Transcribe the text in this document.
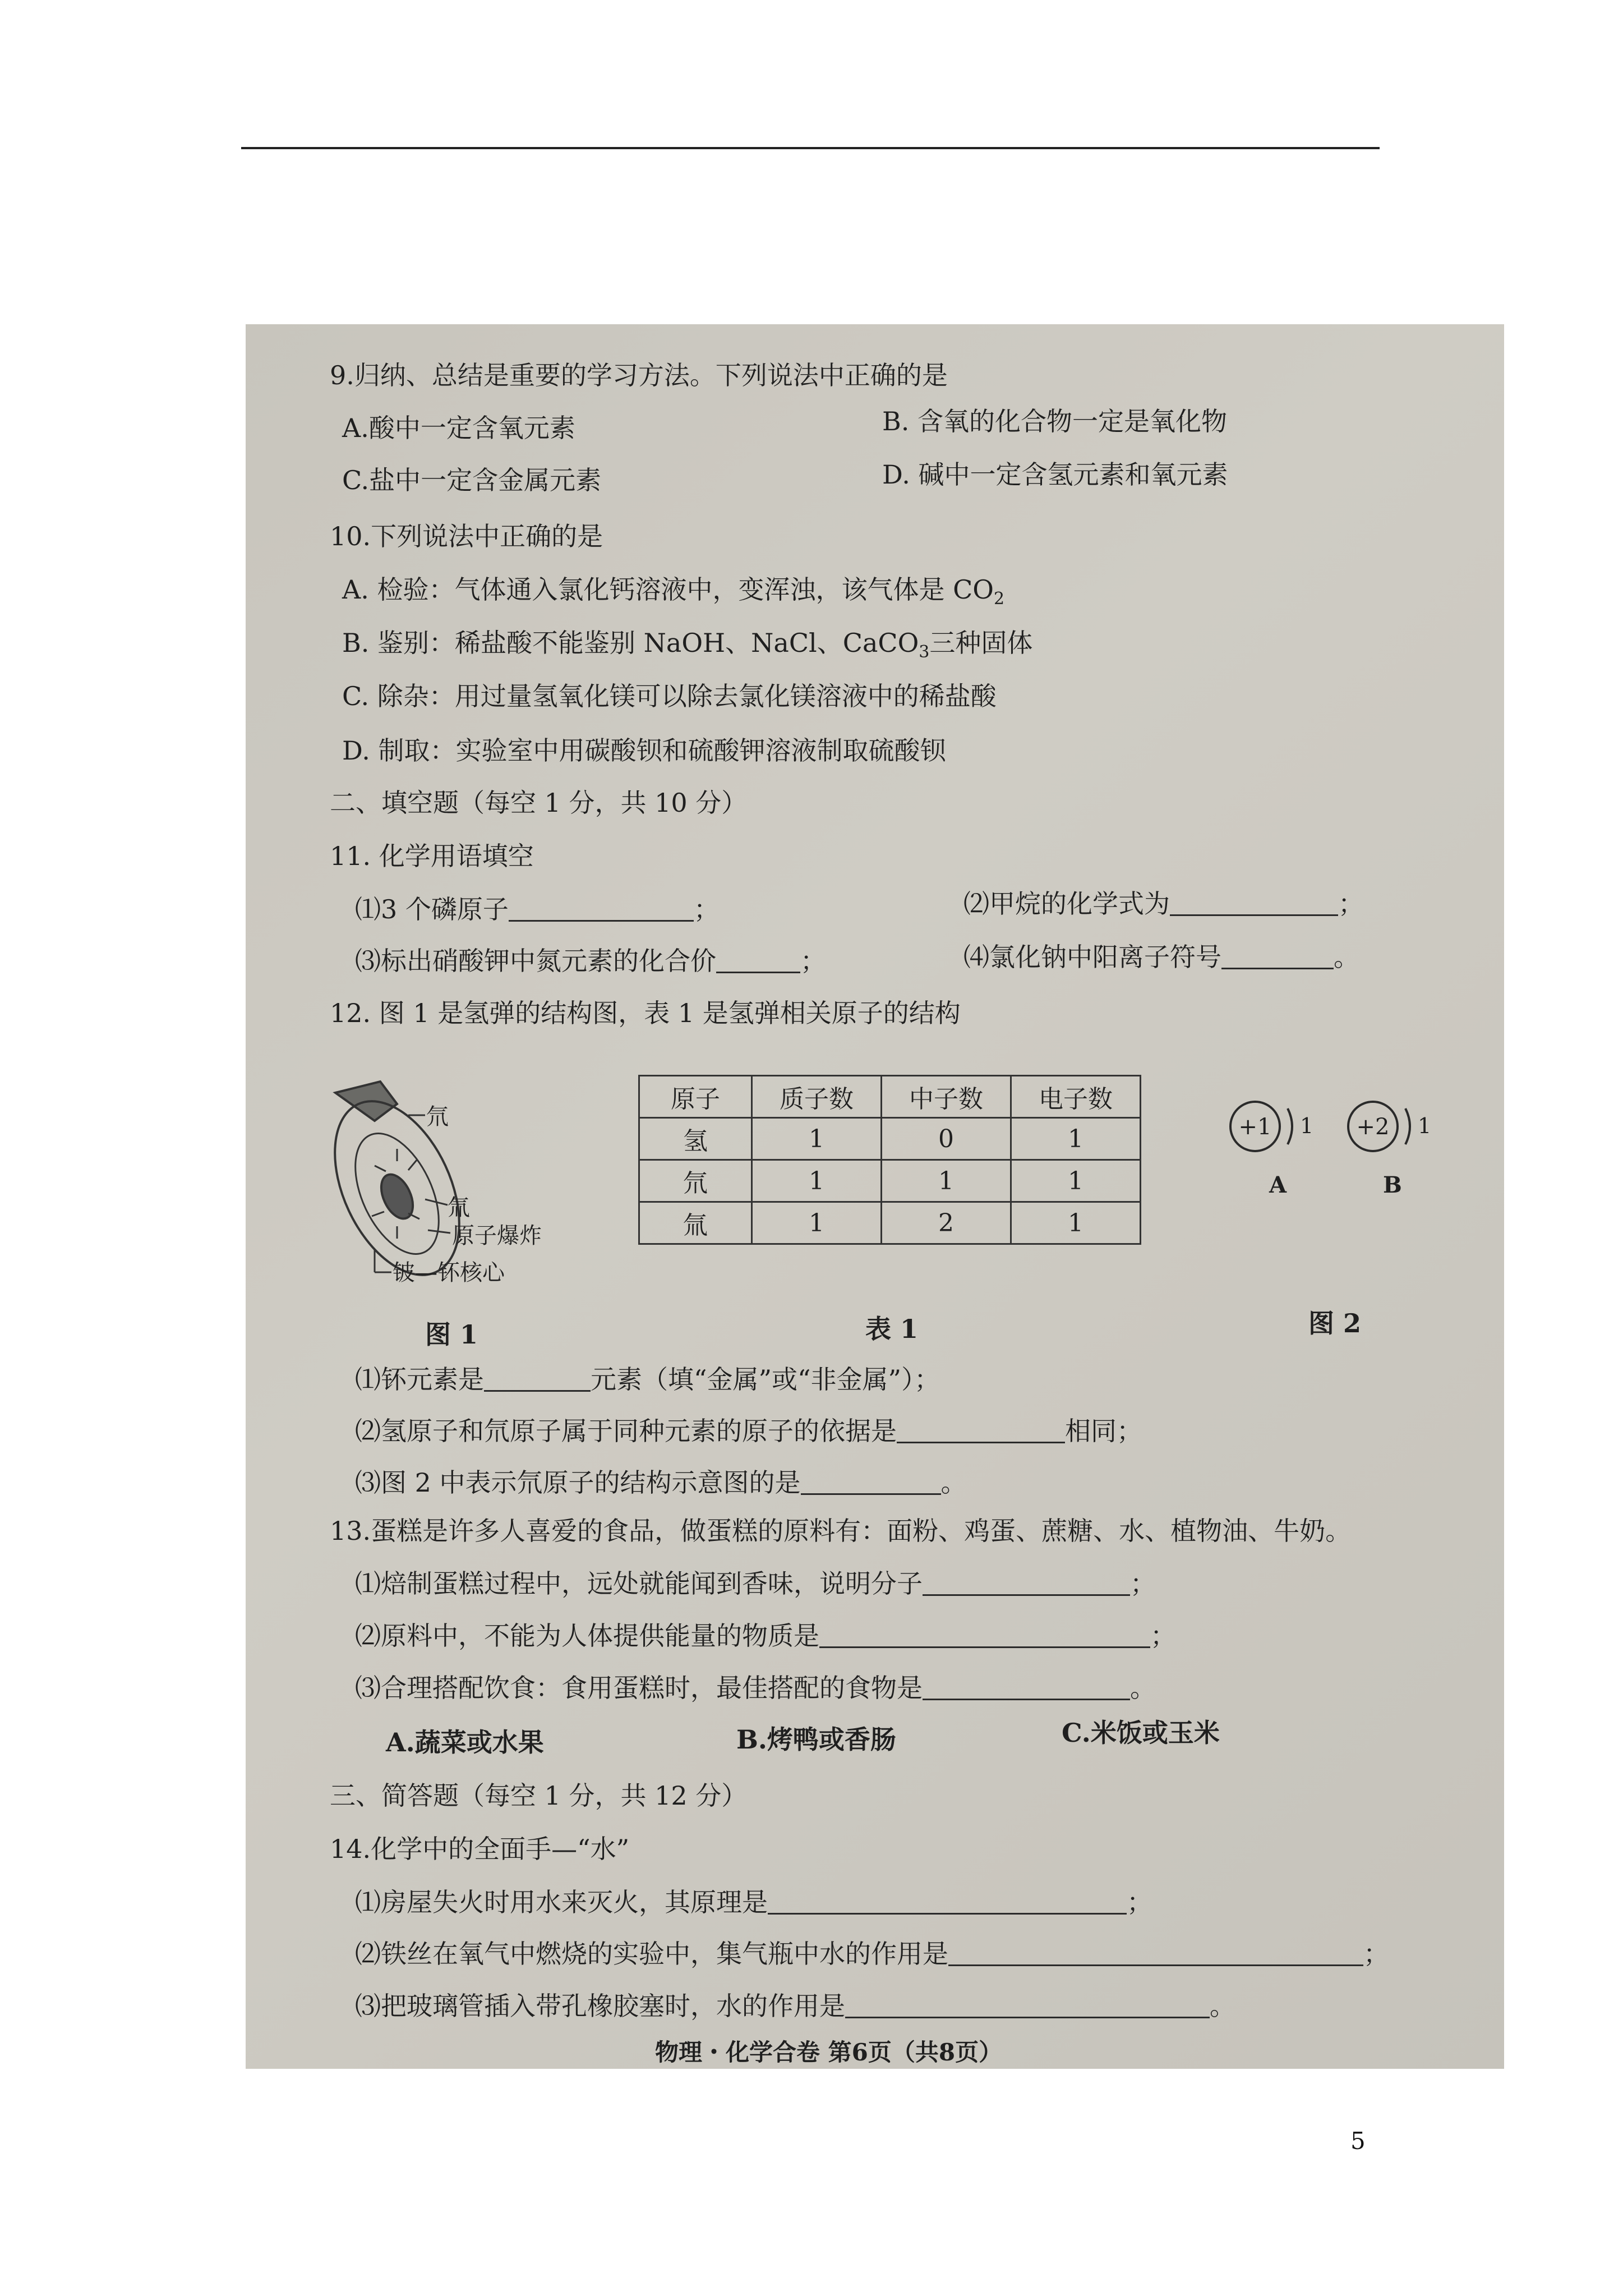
9.归纳、总结是重要的学习方法。下列说法中正确的是
A.酸中一定含氧元素	B. 含氧的化合物一定是氧化物
C.盐中一定含金属元素	D. 碱中一定含氢元素和氧元素
10.下列说法中正确的是
A. 检验：气体通入氯化钙溶液中，变浑浊，该气体是 $CO_2$
B. 鉴别：稀盐酸不能鉴别 NaOH、NaCl、CaCO$_3$三种固体
C. 除杂：用过量氢氧化镁可以除去氯化镁溶液中的稀盐酸
D. 制取：实验室中用碳酸钡和硫酸钾溶液制取硫酸钡
二、填空题（每空 1 分，共 10 分）
11. 化学用语填空
⑴3 个磷原子	；	⑵甲烷的化学式为	；
⑶标出硝酸钾中氮元素的化合价	；	⑷氯化钠中阳离子符号	。
12. 图 1 是氢弹的结构图，表 1 是氢弹相关原子的结构
氘
氚
原子爆炸
铍—钚核心
图 1
原子	质子数	中子数	电子数
氢	1	0	1
氘	1	1	1
氚	1	2	1
表 1
+1 1 +2 1
A	B
图 2
⑴钚元素是	元素（填“金属”或“非金属”）；
⑵氢原子和氘原子属于同种元素的原子的依据是	相同；
⑶图 2 中表示氘原子的结构示意图的是	。
13.蛋糕是许多人喜爱的食品，做蛋糕的原料有：面粉、鸡蛋、蔗糖、水、植物油、牛奶。
⑴焙制蛋糕过程中，远处就能闻到香味，说明分子	；
⑵原料中，不能为人体提供能量的物质是	；
⑶合理搭配饮食：食用蛋糕时，最佳搭配的食物是	。
A.蔬菜或水果	B.烤鸭或香肠	C.米饭或玉米
三、简答题（每空 1 分，共 12 分）
14.化学中的全面手—“水”
⑴房屋失火时用水来灭火，其原理是	；
⑵铁丝在氧气中燃烧的实验中，集气瓶中水的作用是	；
⑶把玻璃管插入带孔橡胶塞时，水的作用是	。
物理・化学合卷 第6页（共8页）
5
